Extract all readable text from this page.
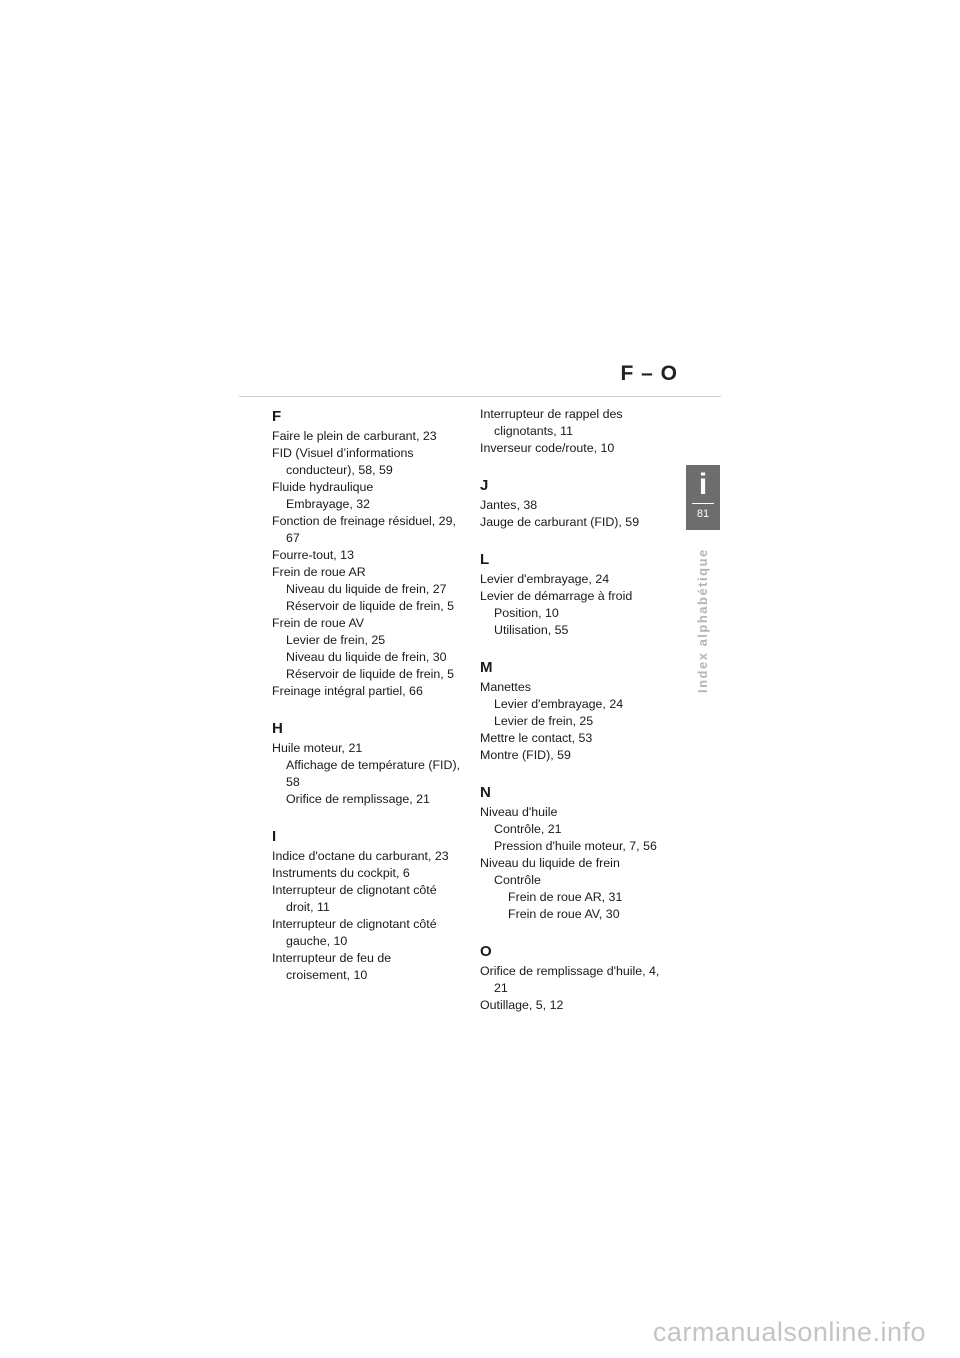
F – O

F

Faire le plein de carburant, 23

FID (Visuel d’informations
conducteur), 58, 59

Fluide hydraulique

Embrayage, 32

Fonction de freinage résiduel, 29,
67

Fourre-tout, 13

Frein de roue AR

Niveau du liquide de frein, 27

Réservoir de liquide de frein, 5

Frein de roue AV

Levier de frein, 25

Niveau du liquide de frein, 30

Réservoir de liquide de frein, 5

Freinage intégral partiel, 66

H

Huile moteur, 21

Affichage de température (FID),
58

Orifice de remplissage, 21

I

Indice d'octane du carburant, 23

Instruments du cockpit, 6

Interrupteur de clignotant côté
droit, 11

Interrupteur de clignotant côté
gauche, 10

Interrupteur de feu de
croisement, 10

Interrupteur de rappel des
clignotants, 11

Inverseur code/route, 10

J

Jantes, 38

Jauge de carburant (FID), 59

L

Levier d'embrayage, 24

Levier de démarrage à froid

Position, 10

Utilisation, 55

M

Manettes

Levier d'embrayage, 24

Levier de frein, 25

Mettre le contact, 53

Montre (FID), 59

N

Niveau d'huile

Contrôle, 21

Pression d'huile moteur, 7, 56

Niveau du liquide de frein

Contrôle

Frein de roue AR, 31

Frein de roue AV, 30

O

Orifice de remplissage d'huile, 4,
21

Outillage, 5, 12

i
81
Index alphabétique
carmanualsonline.info
